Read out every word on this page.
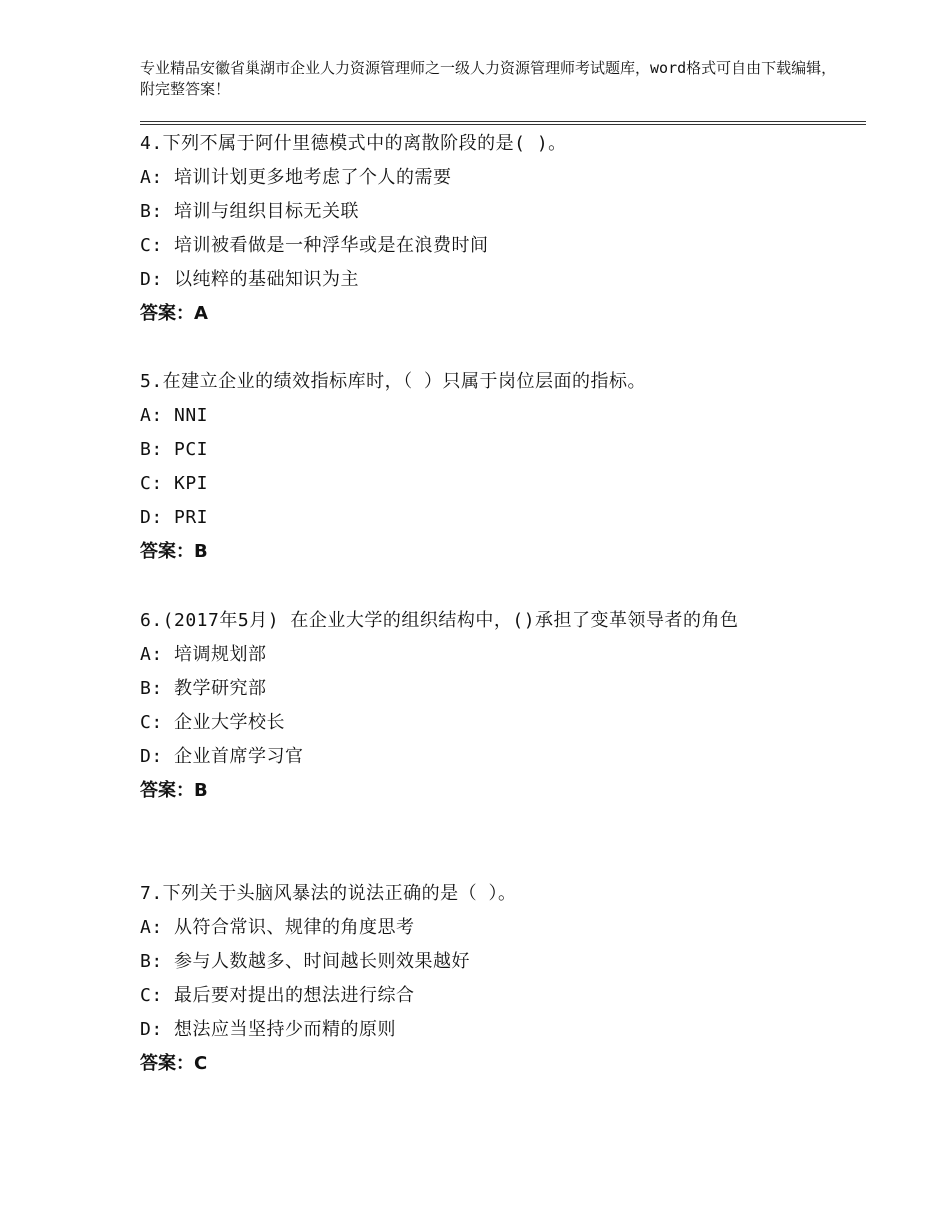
专业精品安徽省巢湖市企业人力资源管理师之一级人力资源管理师考试题库，word格式可自由下载编辑，附完整答案！

4.下列不属于阿什里德模式中的离散阶段的是( )。

A: 培训计划更多地考虑了个人的需要

B: 培训与组织目标无关联

C: 培训被看做是一种浮华或是在浪费时间

D: 以纯粹的基础知识为主

答案：A

5.在建立企业的绩效指标库时，（ ）只属于岗位层面的指标。

A: NNI

B: PCI

C: KPI

D: PRI

答案：B

6.(2017年5月) 在企业大学的组织结构中，()承担了变革领导者的角色

A: 培调规划部

B: 教学研究部

C: 企业大学校长

D: 企业首席学习官

答案：B

7.下列关于头脑风暴法的说法正确的是（ ）。

A: 从符合常识、规律的角度思考

B: 参与人数越多、时间越长则效果越好

C: 最后要对提出的想法进行综合

D: 想法应当坚持少而精的原则

答案：C
